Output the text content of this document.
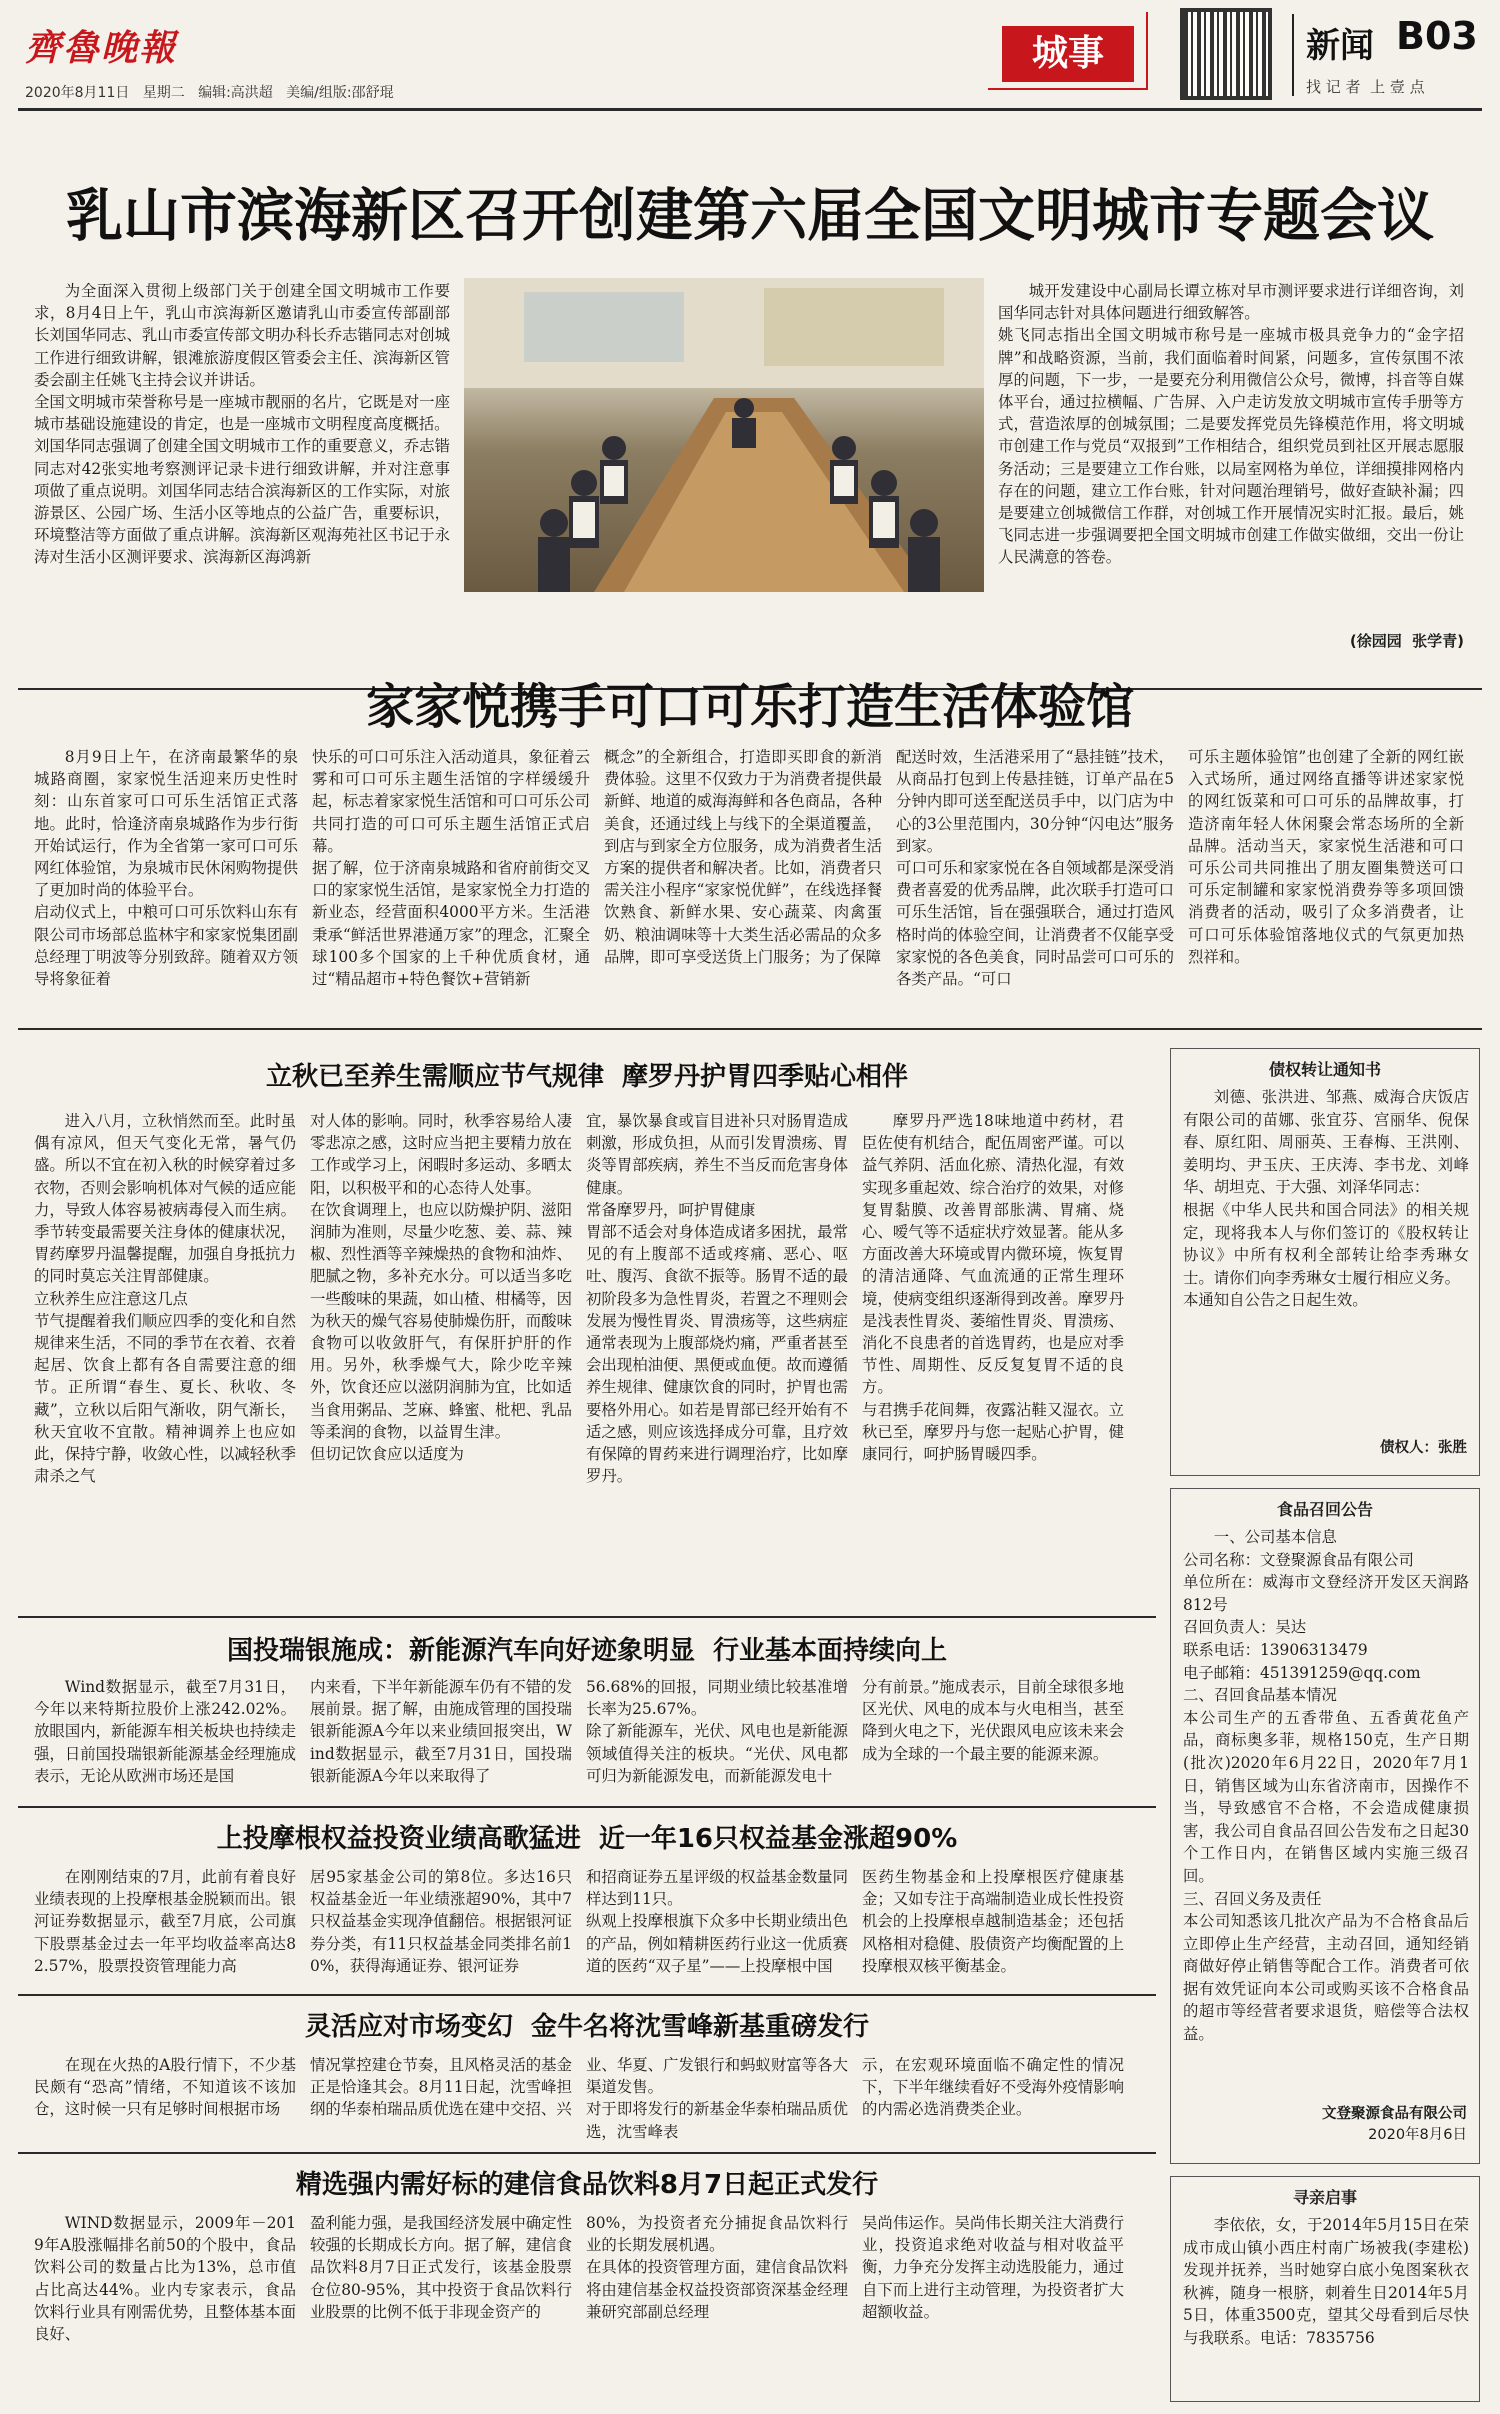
齊魯晚報
2020年8月11日 星期二 编辑:高洪超 美编/组版:邵舒琨
城事	新闻 B03
找 记 者  上 壹 点
乳山市滨海新区召开创建第六届全国文明城市专题会议
为全面深入贯彻上级部门关于创建全国文明城市工作要求，8月4日上午，乳山市滨海新区邀请乳山市委宣传部副部长刘国华同志、乳山市委宣传部文明办科长乔志锴同志对创城工作进行细致讲解，银滩旅游度假区管委会主任、滨海新区管委会副主任姚飞主持会议并讲话。
全国文明城市荣誉称号是一座城市靓丽的名片，它既是对一座城市基础设施建设的肯定，也是一座城市文明程度高度概括。
刘国华同志强调了创建全国文明城市工作的重要意义，乔志锴同志对42张实地考察测评记录卡进行细致讲解，并对注意事项做了重点说明。刘国华同志结合滨海新区的工作实际，对旅游景区、公园广场、生活小区等地点的公益广告，重要标识，环境整洁等方面做了重点讲解。滨海新区观海苑社区书记于永涛对生活小区测评要求、滨海新区海鸿新
城开发建设中心副局长谭立栋对早市测评要求进行详细咨询，刘国华同志针对具体问题进行细致解答。
姚飞同志指出全国文明城市称号是一座城市极具竞争力的“金字招牌”和战略资源，当前，我们面临着时间紧，问题多，宣传氛围不浓厚的问题，下一步，一是要充分利用微信公众号，微博，抖音等自媒体平台，通过拉横幅、广告屏、入户走访发放文明城市宣传手册等方式，营造浓厚的创城氛围；二是要发挥党员先锋模范作用，将文明城市创建工作与党员“双报到”工作相结合，组织党员到社区开展志愿服务活动；三是要建立工作台账，以局室网格为单位，详细摸排网格内存在的问题，建立工作台账，针对问题治理销号，做好查缺补漏；四是要建立创城微信工作群，对创城工作开展情况实时汇报。最后，姚飞同志进一步强调要把全国文明城市创建工作做实做细，交出一份让人民满意的答卷。
(徐园园  张学青)
家家悦携手可口可乐打造生活体验馆
8月9日上午，在济南最繁华的泉城路商圈，家家悦生活迎来历史性时刻：山东首家可口可乐生活馆正式落地。此时，恰逢济南泉城路作为步行街开始试运行，作为全省第一家可口可乐网红体验馆，为泉城市民休闲购物提供了更加时尚的体验平台。
启动仪式上，中粮可口可乐饮料山东有限公司市场部总监林宇和家家悦集团副总经理丁明波等分别致辞。随着双方领导将象征着
快乐的可口可乐注入活动道具，象征着云雾和可口可乐主题生活馆的字样缓缓升起，标志着家家悦生活馆和可口可乐公司共同打造的可口可乐主题生活馆正式启幕。
据了解，位于济南泉城路和省府前街交叉口的家家悦生活馆，是家家悦全力打造的新业态，经营面积4000平方米。生活港秉承“鲜活世界港通万家”的理念，汇聚全球100多个国家的上千种优质食材，通过“精品超市+特色餐饮+营销新
概念”的全新组合，打造即买即食的新消费体验。这里不仅致力于为消费者提供最新鲜、地道的威海海鲜和各色商品，各种美食，还通过线上与线下的全渠道覆盖，到店与到家全方位服务，成为消费者生活方案的提供者和解决者。比如，消费者只需关注小程序“家家悦优鲜”，在线选择餐饮熟食、新鲜水果、安心蔬菜、肉禽蛋奶、粮油调味等十大类生活必需品的众多品牌，即可享受送货上门服务；为了保障
配送时效，生活港采用了“悬挂链”技术，从商品打包到上传悬挂链，订单产品在5分钟内即可送至配送员手中，以门店为中心的3公里范围内，30分钟“闪电达”服务到家。
可口可乐和家家悦在各自领域都是深受消费者喜爱的优秀品牌，此次联手打造可口可乐生活馆，旨在强强联合，通过打造风格时尚的体验空间，让消费者不仅能享受家家悦的各色美食，同时品尝可口可乐的各类产品。“可口
可乐主题体验馆”也创建了全新的网红嵌入式场所，通过网络直播等讲述家家悦的网红饭菜和可口可乐的品牌故事，打造济南年轻人休闲聚会常态场所的全新品牌。活动当天，家家悦生活港和可口可乐公司共同推出了朋友圈集赞送可口可乐定制罐和家家悦消费券等多项回馈消费者的活动，吸引了众多消费者，让可口可乐体验馆落地仪式的气氛更加热烈祥和。
立秋已至养生需顺应节气规律  摩罗丹护胃四季贴心相伴
进入八月，立秋悄然而至。此时虽偶有凉风，但天气变化无常，暑气仍盛。所以不宜在初入秋的时候穿着过多衣物，否则会影响机体对气候的适应能力，导致人体容易被病毒侵入而生病。季节转变最需要关注身体的健康状况，胃药摩罗丹温馨提醒，加强自身抵抗力的同时莫忘关注胃部健康。
立秋养生应注意这几点
节气提醒着我们顺应四季的变化和自然规律来生活，不同的季节在衣着、衣着起居、饮食上都有各自需要注意的细节。正所谓“春生、夏长、秋收、冬藏”，立秋以后阳气渐收，阴气渐长，秋天宜收不宜散。精神调养上也应如此，保持宁静，收敛心性，以减轻秋季肃杀之气
对人体的影响。同时，秋季容易给人凄零悲凉之感，这时应当把主要精力放在工作或学习上，闲暇时多运动、多晒太阳，以积极平和的心态待人处事。
在饮食调理上，也应以防燥护阴、滋阳润肺为准则，尽量少吃葱、姜、蒜、辣椒、烈性酒等辛辣燥热的食物和油炸、肥腻之物，多补充水分。可以适当多吃一些酸味的果蔬，如山楂、柑橘等，因为秋天的燥气容易使肺燥伤肝，而酸味食物可以收敛肝气，有保肝护肝的作用。另外，秋季燥气大，除少吃辛辣外，饮食还应以滋阴润肺为宜，比如适当食用粥品、芝麻、蜂蜜、枇杷、乳品等柔润的食物，以益胃生津。
但切记饮食应以适度为
宜，暴饮暴食或盲目进补只对肠胃造成刺激，形成负担，从而引发胃溃疡、胃炎等胃部疾病，养生不当反而危害身体健康。
常备摩罗丹，呵护胃健康
胃部不适会对身体造成诸多困扰，最常见的有上腹部不适或疼痛、恶心、呕吐、腹泻、食欲不振等。肠胃不适的最初阶段多为急性胃炎，若置之不理则会发展为慢性胃炎、胃溃疡等，这些病症通常表现为上腹部烧灼痛，严重者甚至会出现柏油便、黑便或血便。故而遵循养生规律、健康饮食的同时，护胃也需要格外用心。如若是胃部已经开始有不适之感，则应该选择成分可靠，且疗效有保障的胃药来进行调理治疗，比如摩罗丹。
摩罗丹严选18味地道中药材，君臣佐使有机结合，配伍周密严谨。可以益气养阴、活血化瘀、清热化湿，有效实现多重起效、综合治疗的效果，对修复胃黏膜、改善胃部胀满、胃痛、烧心、嗳气等不适症状疗效显著。能从多方面改善大环境或胃内微环境，恢复胃的清洁通降、气血流通的正常生理环境，使病变组织逐渐得到改善。摩罗丹是浅表性胃炎、萎缩性胃炎、胃溃疡、消化不良患者的首选胃药，也是应对季节性、周期性、反反复复胃不适的良方。
与君携手花间舞，夜露沾鞋又湿衣。立秋已至，摩罗丹与您一起贴心护胃，健康同行，呵护肠胃暖四季。
国投瑞银施成：新能源汽车向好迹象明显  行业基本面持续向上
Wind数据显示，截至7月31日，今年以来特斯拉股价上涨242.02%。放眼国内，新能源车相关板块也持续走强，日前国投瑞银新能源基金经理施成表示，无论从欧洲市场还是国
内来看，下半年新能源车仍有不错的发展前景。据了解，由施成管理的国投瑞银新能源A今年以来业绩回报突出，Wind数据显示，截至7月31日，国投瑞银新能源A今年以来取得了
56.68%的回报，同期业绩比较基准增长率为25.67%。
除了新能源车，光伏、风电也是新能源领域值得关注的板块。“光伏、风电都可归为新能源发电，而新能源发电十
分有前景。”施成表示，目前全球很多地区光伏、风电的成本与火电相当，甚至降到火电之下，光伏跟风电应该未来会成为全球的一个最主要的能源来源。
上投摩根权益投资业绩高歌猛进  近一年16只权益基金涨超90%
在刚刚结束的7月，此前有着良好业绩表现的上投摩根基金脱颖而出。银河证券数据显示，截至7月底，公司旗下股票基金过去一年平均收益率高达82.57%，股票投资管理能力高
居95家基金公司的第8位。多达16只权益基金近一年业绩涨超90%，其中7只权益基金实现净值翻倍。根据银河证券分类，有11只权益基金同类排名前10%，获得海通证券、银河证券
和招商证券五星评级的权益基金数量同样达到11只。
纵观上投摩根旗下众多中长期业绩出色的产品，例如精耕医药行业这一优质赛道的医药“双子星”——上投摩根中国
医药生物基金和上投摩根医疗健康基金；又如专注于高端制造业成长性投资机会的上投摩根卓越制造基金；还包括风格相对稳健、股债资产均衡配置的上投摩根双核平衡基金。
灵活应对市场变幻  金牛名将沈雪峰新基重磅发行
在现在火热的A股行情下，不少基民颇有“恐高”情绪，不知道该不该加仓，这时候一只有足够时间根据市场
情况掌控建仓节奏，且风格灵活的基金正是恰逢其会。8月11日起，沈雪峰担纲的华泰柏瑞品质优选在建中交招、兴
业、华夏、广发银行和蚂蚁财富等各大渠道发售。
对于即将发行的新基金华泰柏瑞品质优选，沈雪峰表
示，在宏观环境面临不确定性的情况下，下半年继续看好不受海外疫情影响的内需必选消费类企业。
精选强内需好标的建信食品饮料8月7日起正式发行
WIND数据显示，2009年－2019年A股涨幅排名前50的个股中，食品饮料公司的数量占比为13%，总市值占比高达44%。业内专家表示，食品饮料行业具有刚需优势，且整体基本面良好、
盈利能力强，是我国经济发展中确定性较强的长期成长方向。据了解，建信食品饮料8月7日正式发行，该基金股票仓位80-95%，其中投资于食品饮料行业股票的比例不低于非现金资产的
80%，为投资者充分捕捉食品饮料行业的长期发展机遇。
在具体的投资管理方面，建信食品饮料将由建信基金权益投资部资深基金经理兼研究部副总经理
吴尚伟运作。吴尚伟长期关注大消费行业，投资追求绝对收益与相对收益平衡，力争充分发挥主动选股能力，通过自下而上进行主动管理，为投资者扩大超额收益。
债权转让通知书
刘德、张洪进、邹燕、威海合庆饭店有限公司的苗娜、张宜芬、宫丽华、倪保春、原红阳、周丽英、王春梅、王洪刚、姜明均、尹玉庆、王庆涛、李书龙、刘峰华、胡坦克、于大强、刘泽华同志：
根据《中华人民共和国合同法》的相关规定，现将我本人与你们签订的《股权转让协议》中所有权利全部转让给李秀琳女士。请你们向李秀琳女士履行相应义务。
本通知自公告之日起生效。
债权人：张胜
食品召回公告
一、公司基本信息
公司名称：文登聚源食品有限公司
单位所在：威海市文登经济开发区天润路812号
召回负责人：吴达
联系电话：13906313479
电子邮箱：451391259@qq.com
二、召回食品基本情况
本公司生产的五香带鱼、五香黄花鱼产品，商标奥多菲，规格150克，生产日期(批次)2020年6月22日，2020年7月1日，销售区域为山东省济南市，因操作不当，导致感官不合格，不会造成健康损害，我公司自食品召回公告发布之日起30个工作日内，在销售区域内实施三级召回。
三、召回义务及责任
本公司知悉该几批次产品为不合格食品后立即停止生产经营，主动召回，通知经销商做好停止销售等配合工作。消费者可依据有效凭证向本公司或购买该不合格食品的超市等经营者要求退货，赔偿等合法权益。
文登聚源食品有限公司
2020年8月6日
寻亲启事
李依依，女，于2014年5月15日在荣成市成山镇小西庄村南广场被我(李建松)发现并抚养，当时她穿白底小兔图案秋衣秋裤，随身一根脐，刺着生日2014年5月5日，体重3500克，望其父母看到后尽快与我联系。电话：7835756
